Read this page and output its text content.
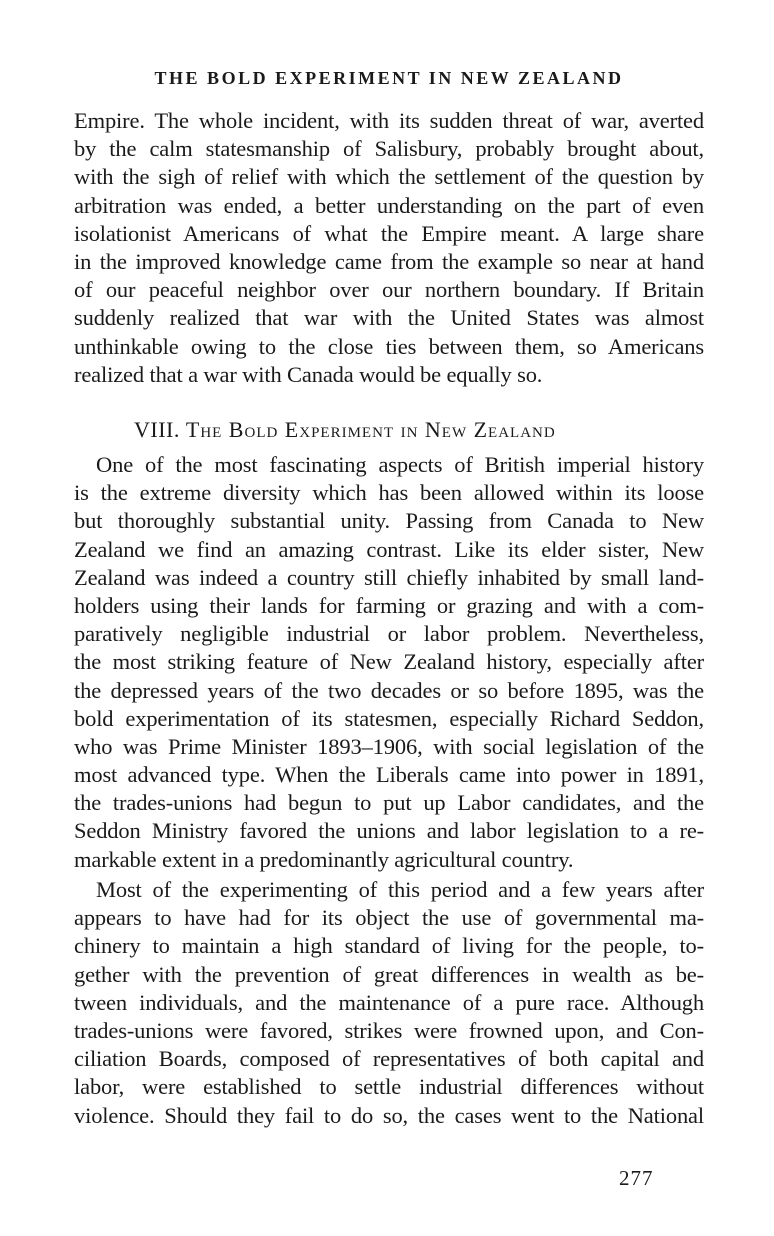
THE BOLD EXPERIMENT IN NEW ZEALAND
Empire. The whole incident, with its sudden threat of war, averted
by the calm statesmanship of Salisbury, probably brought about,
with the sigh of relief with which the settlement of the question by
arbitration was ended, a better understanding on the part of even
isolationist Americans of what the Empire meant. A large share
in the improved knowledge came from the example so near at hand
of our peaceful neighbor over our northern boundary. If Britain
suddenly realized that war with the United States was almost
unthinkable owing to the close ties between them, so Americans
realized that a war with Canada would be equally so.
VIII. The Bold Experiment in New Zealand
One of the most fascinating aspects of British imperial history
is the extreme diversity which has been allowed within its loose
but thoroughly substantial unity. Passing from Canada to New
Zealand we find an amazing contrast. Like its elder sister, New
Zealand was indeed a country still chiefly inhabited by small land-
holders using their lands for farming or grazing and with a com-
paratively negligible industrial or labor problem. Nevertheless,
the most striking feature of New Zealand history, especially after
the depressed years of the two decades or so before 1895, was the
bold experimentation of its statesmen, especially Richard Seddon,
who was Prime Minister 1893–1906, with social legislation of the
most advanced type. When the Liberals came into power in 1891,
the trades-unions had begun to put up Labor candidates, and the
Seddon Ministry favored the unions and labor legislation to a re-
markable extent in a predominantly agricultural country.
Most of the experimenting of this period and a few years after
appears to have had for its object the use of governmental ma-
chinery to maintain a high standard of living for the people, to-
gether with the prevention of great differences in wealth as be-
tween individuals, and the maintenance of a pure race. Although
trades-unions were favored, strikes were frowned upon, and Con-
ciliation Boards, composed of representatives of both capital and
labor, were established to settle industrial differences without
violence. Should they fail to do so, the cases went to the National
277
